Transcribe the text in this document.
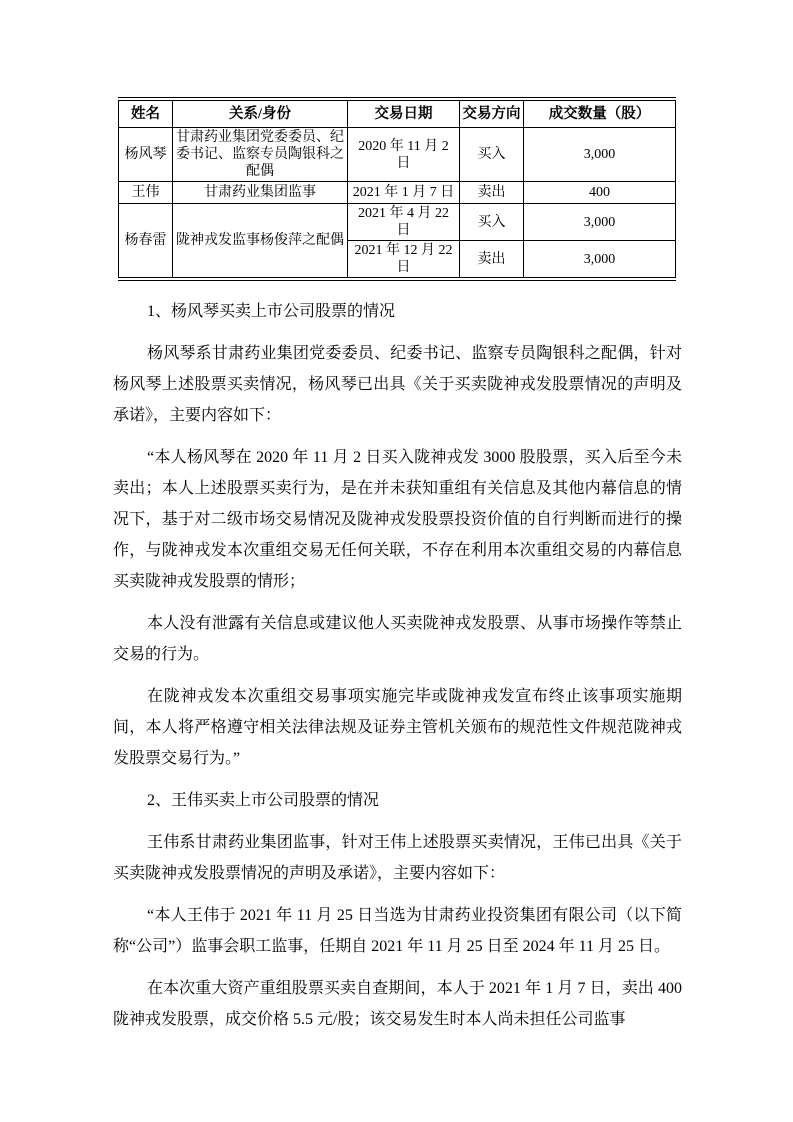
姓名	关系/身份	交易日期	交易方向	成交数量（股）
杨风琴	甘肃药业集团党委委员、纪委书记、监察专员陶银科之配偶	2020 年 11 月 2 日	买入	3,000
王伟	甘肃药业集团监事	2021 年 1 月 7 日	卖出	400
杨春雷	陇神戎发监事杨俊萍之配偶	2021 年 4 月 22 日	买入	3,000
		2021 年 12 月 22 日	卖出	3,000

1、杨风琴买卖上市公司股票的情况

杨风琴系甘肃药业集团党委委员、纪委书记、监察专员陶银科之配偶，针对杨风琴上述股票买卖情况，杨风琴已出具《关于买卖陇神戎发股票情况的声明及承诺》，主要内容如下：

“本人杨风琴在 2020 年 11 月 2 日买入陇神戎发 3000 股股票，买入后至今未卖出；本人上述股票买卖行为，是在并未获知重组有关信息及其他内幕信息的情况下，基于对二级市场交易情况及陇神戎发股票投资价值的自行判断而进行的操作，与陇神戎发本次重组交易无任何关联，不存在利用本次重组交易的内幕信息买卖陇神戎发股票的情形；

本人没有泄露有关信息或建议他人买卖陇神戎发股票、从事市场操作等禁止交易的行为。

在陇神戎发本次重组交易事项实施完毕或陇神戎发宣布终止该事项实施期间，本人将严格遵守相关法律法规及证券主管机关颁布的规范性文件规范陇神戎发股票交易行为。”

2、王伟买卖上市公司股票的情况

王伟系甘肃药业集团监事，针对王伟上述股票买卖情况，王伟已出具《关于买卖陇神戎发股票情况的声明及承诺》，主要内容如下：

“本人王伟于 2021 年 11 月 25 日当选为甘肃药业投资集团有限公司（以下简称“公司”）监事会职工监事，任期自 2021 年 11 月 25 日至 2024 年 11 月 25 日。

在本次重大资产重组股票买卖自查期间，本人于 2021 年 1 月 7 日，卖出 400 陇神戎发股票，成交价格 5.5 元/股；该交易发生时本人尚未担任公司监事
